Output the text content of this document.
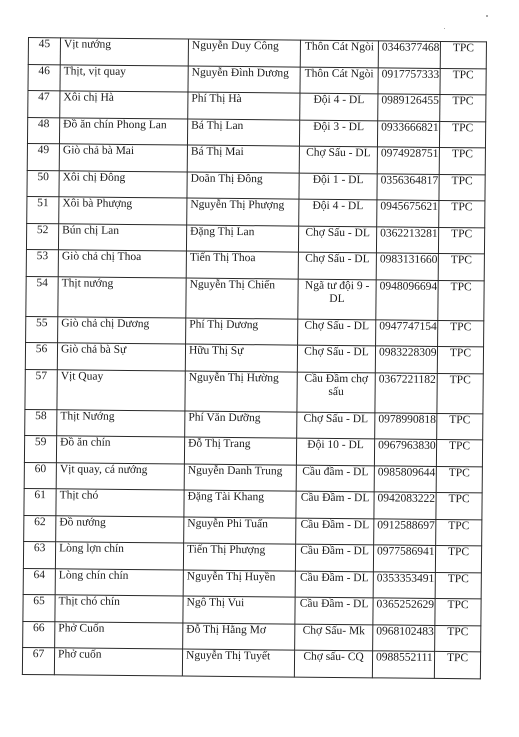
45	Vịt nướng	Nguyễn Duy Công	Thôn Cát Ngòi	0346377468	TPC
46	Thịt, vịt quay	Nguyễn Đình Dương	Thôn Cát Ngòi	0917757333	TPC
47	Xôi chị Hà	Phí Thị Hà	Đội 4 - DL	0989126455	TPC
48	Đồ ăn chín Phong Lan	Bá Thị Lan	Đội 3 - DL	0933666821	TPC
49	Giò chả bà Mai	Bá Thị Mai	Chợ Sấu - DL	0974928751	TPC
50	Xôi chị Đông	Doãn Thị Đông	Đội 1 - DL	0356364817	TPC
51	Xôi bà Phượng	Nguyễn Thị Phượng	Đội 4 - DL	0945675621	TPC
52	Bún chị Lan	Đặng Thị Lan	Chợ Sấu - DL	0362213281	TPC
53	Giò chả chị Thoa	Tiến Thị Thoa	Chợ Sấu - DL	0983131660	TPC
54	Thịt nướng	Nguyễn Thị Chiến	Ngã tư đội 9 - DL	0948096694	TPC
55	Giò chả chị Dương	Phí Thị Dương	Chợ Sấu - DL	0947747154	TPC
56	Giò chả bà Sự	Hữu Thị Sự	Chợ Sấu - DL	0983228309	TPC
57	Vịt Quay	Nguyễn Thị Hường	Cầu Đầm chợ sấu	0367221182	TPC
58	Thịt Nướng	Phí Văn Dưỡng	Chợ Sấu - DL	0978990818	TPC
59	Đồ ăn chín	Đỗ Thị Trang	Đội 10 - DL	0967963830	TPC
60	Vịt quay, cá nướng	Nguyễn Danh Trung	Cầu đầm - DL	0985809644	TPC
61	Thịt chó	Đặng Tài Khang	Cầu Đầm - DL	0942083222	TPC
62	Đồ nướng	Nguyễn Phi Tuấn	Cầu Đầm - DL	0912588697	TPC
63	Lòng lợn chín	Tiến Thị Phượng	Cầu Đầm - DL	0977586941	TPC
64	Lòng chín chín	Nguyễn Thị Huyền	Cầu Đầm - DL	0353353491	TPC
65	Thịt chó chín	Ngô Thị Vui	Cầu Đầm - DL	0365252629	TPC
66	Phở Cuốn	Đỗ Thị Hằng Mơ	Chợ Sấu- Mk	0968102483	TPC
67	Phở cuốn	Nguyễn Thị Tuyết	Chợ sấu- CQ	0988552111	TPC
